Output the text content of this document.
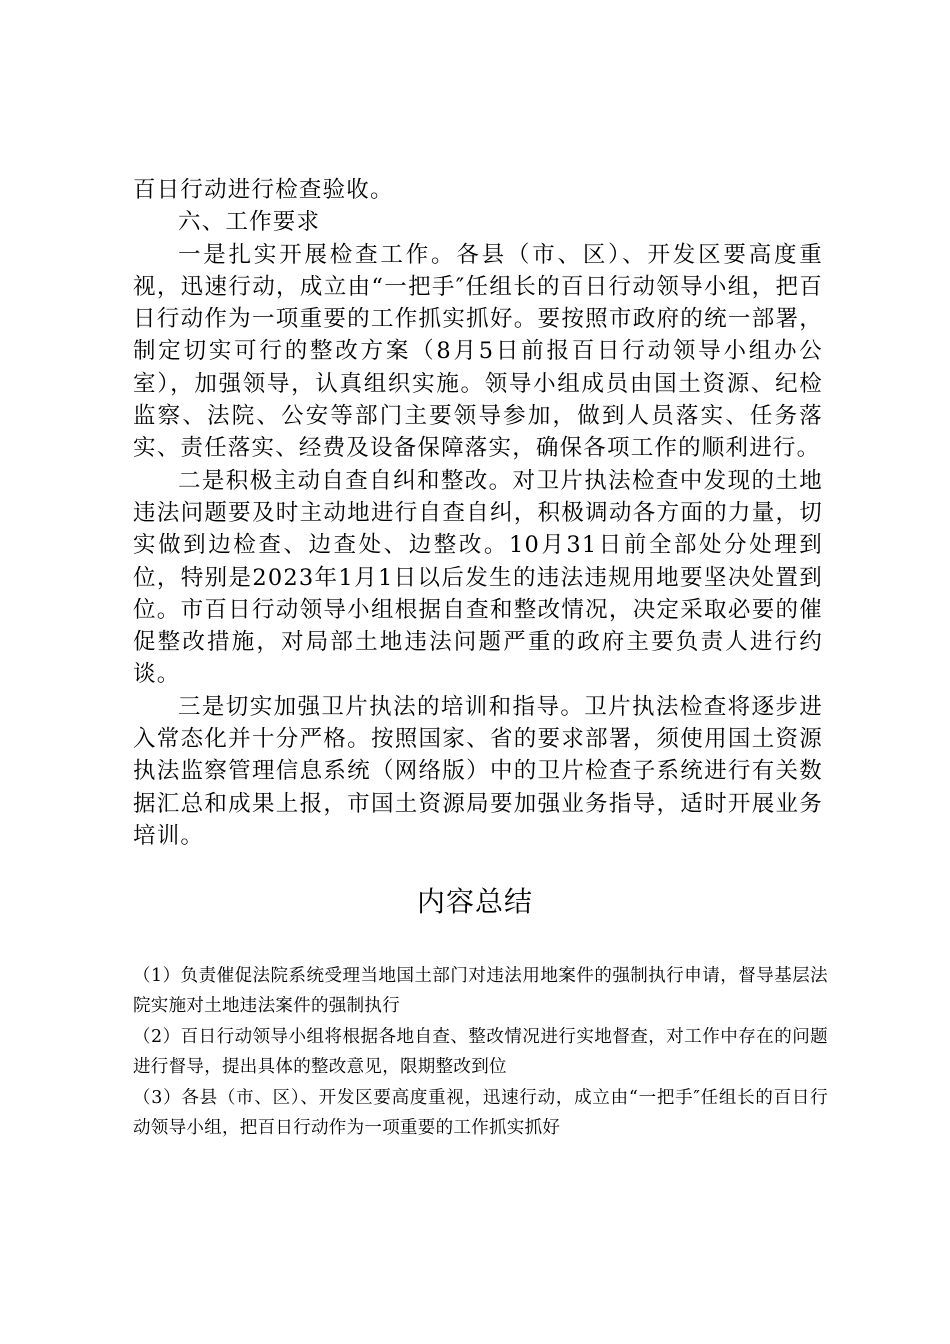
百日行动进行检查验收。

六、工作要求

一是扎实开展检查工作。各县（市、区）、开发区要高度重视，迅速行动，成立由“一把手″任组长的百日行动领导小组，把百日行动作为一项重要的工作抓实抓好。要按照市政府的统一部署，制定切实可行的整改方案（8月5日前报百日行动领导小组办公室），加强领导，认真组织实施。领导小组成员由国土资源、纪检监察、法院、公安等部门主要领导参加，做到人员落实、任务落实、责任落实、经费及设备保障落实，确保各项工作的顺利进行。

二是积极主动自查自纠和整改。对卫片执法检查中发现的土地违法问题要及时主动地进行自查自纠，积极调动各方面的力量，切实做到边检查、边查处、边整改。10月31日前全部处分处理到位，特别是2023年1月1日以后发生的违法违规用地要坚决处置到位。市百日行动领导小组根据自查和整改情况，决定采取必要的催促整改措施，对局部土地违法问题严重的政府主要负责人进行约谈。

三是切实加强卫片执法的培训和指导。卫片执法检查将逐步进入常态化并十分严格。按照国家、省的要求部署，须使用国土资源执法监察管理信息系统（网络版）中的卫片检查子系统进行有关数据汇总和成果上报，市国土资源局要加强业务指导，适时开展业务培训。

内容总结

（1）负责催促法院系统受理当地国土部门对违法用地案件的强制执行申请，督导基层法院实施对土地违法案件的强制执行

（2）百日行动领导小组将根据各地自查、整改情况进行实地督查，对工作中存在的问题进行督导，提出具体的整改意见，限期整改到位

（3）各县（市、区）、开发区要高度重视，迅速行动，成立由“一把手″任组长的百日行动领导小组，把百日行动作为一项重要的工作抓实抓好
